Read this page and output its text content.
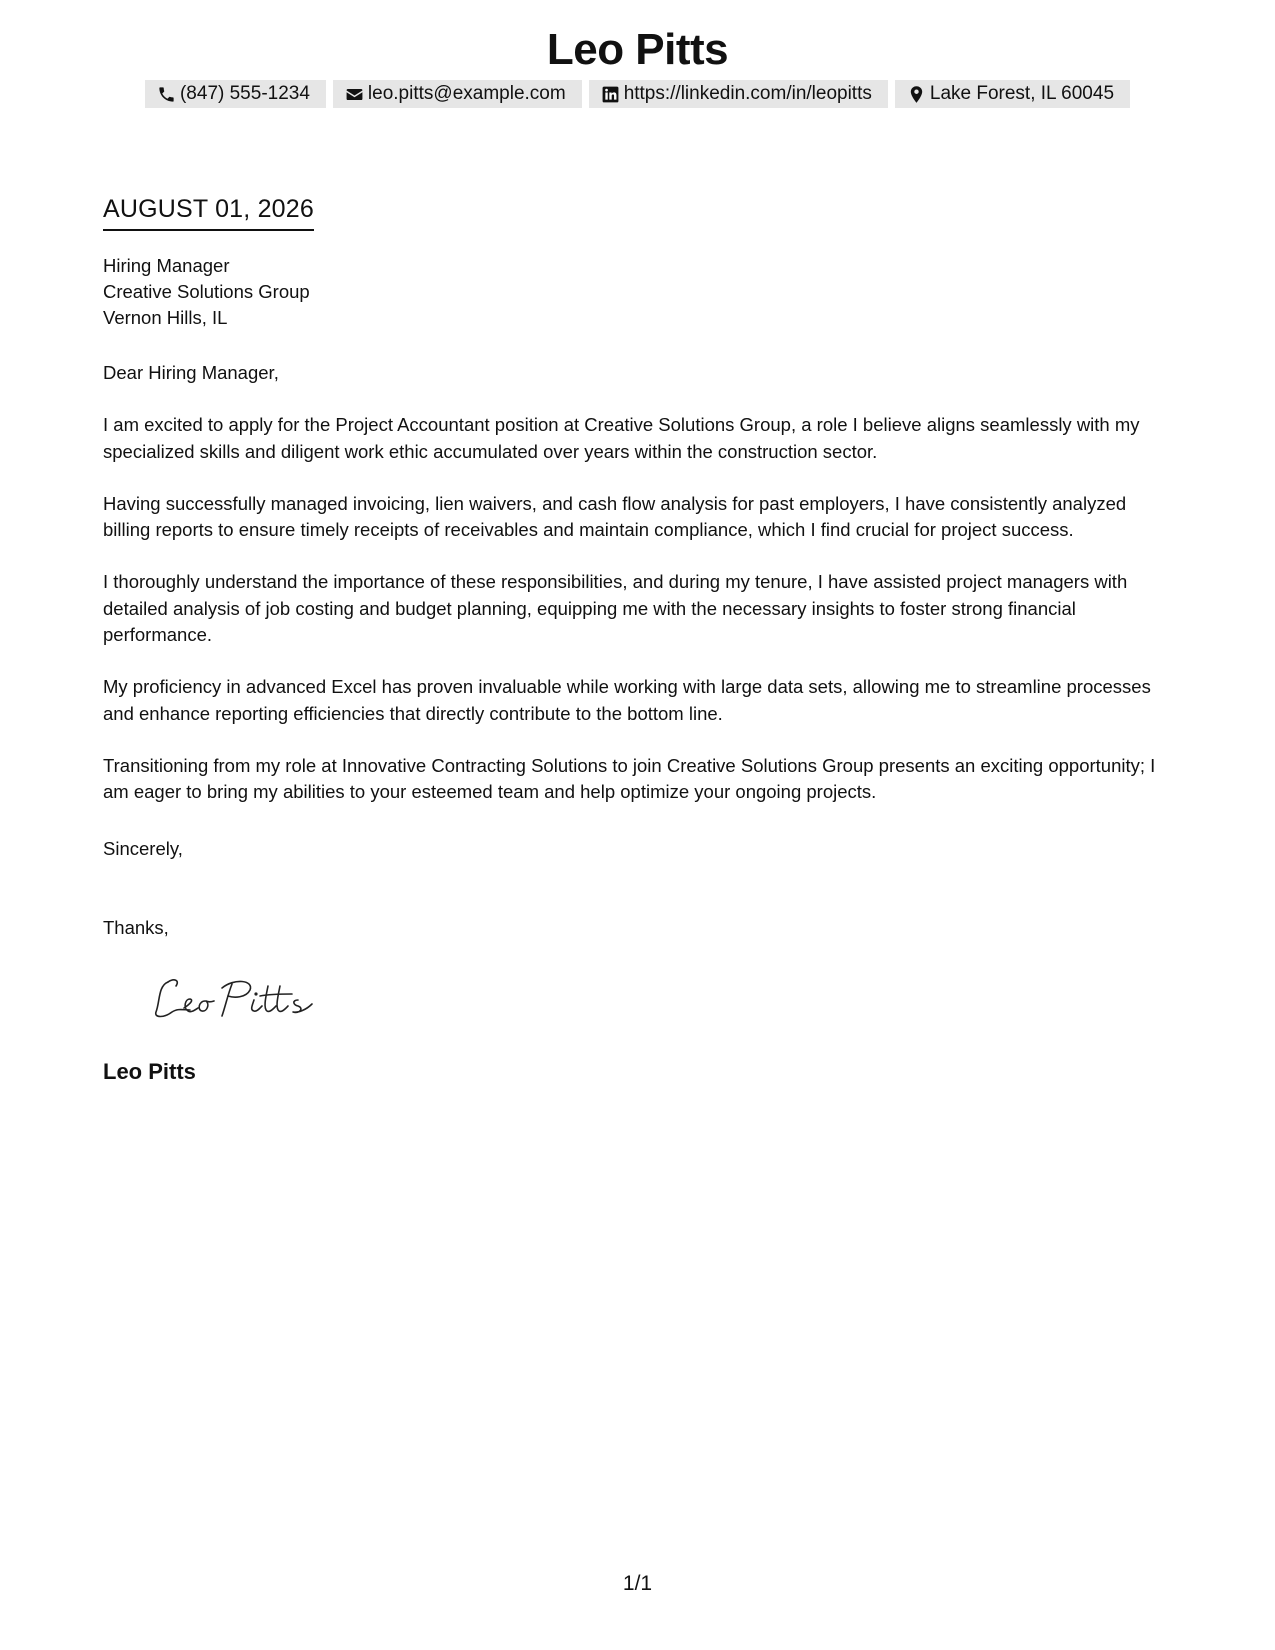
Leo Pitts
(847) 555-1234	leo.pitts@example.com	https://linkedin.com/in/leopitts	Lake Forest, IL 60045
AUGUST 01, 2026
Hiring Manager
Creative Solutions Group
Vernon Hills, IL

Dear Hiring Manager,

I am excited to apply for the Project Accountant position at Creative Solutions Group, a role I believe aligns seamlessly with my specialized skills and diligent work ethic accumulated over years within the construction sector.

Having successfully managed invoicing, lien waivers, and cash flow analysis for past employers, I have consistently analyzed billing reports to ensure timely receipts of receivables and maintain compliance, which I find crucial for project success.

I thoroughly understand the importance of these responsibilities, and during my tenure, I have assisted project managers with detailed analysis of job costing and budget planning, equipping me with the necessary insights to foster strong financial performance.

My proficiency in advanced Excel has proven invaluable while working with large data sets, allowing me to streamline processes and enhance reporting efficiencies that directly contribute to the bottom line.

Transitioning from my role at Innovative Contracting Solutions to join Creative Solutions Group presents an exciting opportunity; I am eager to bring my abilities to your esteemed team and help optimize your ongoing projects.

Sincerely,
Thanks,
Leo Pitts
1/1
